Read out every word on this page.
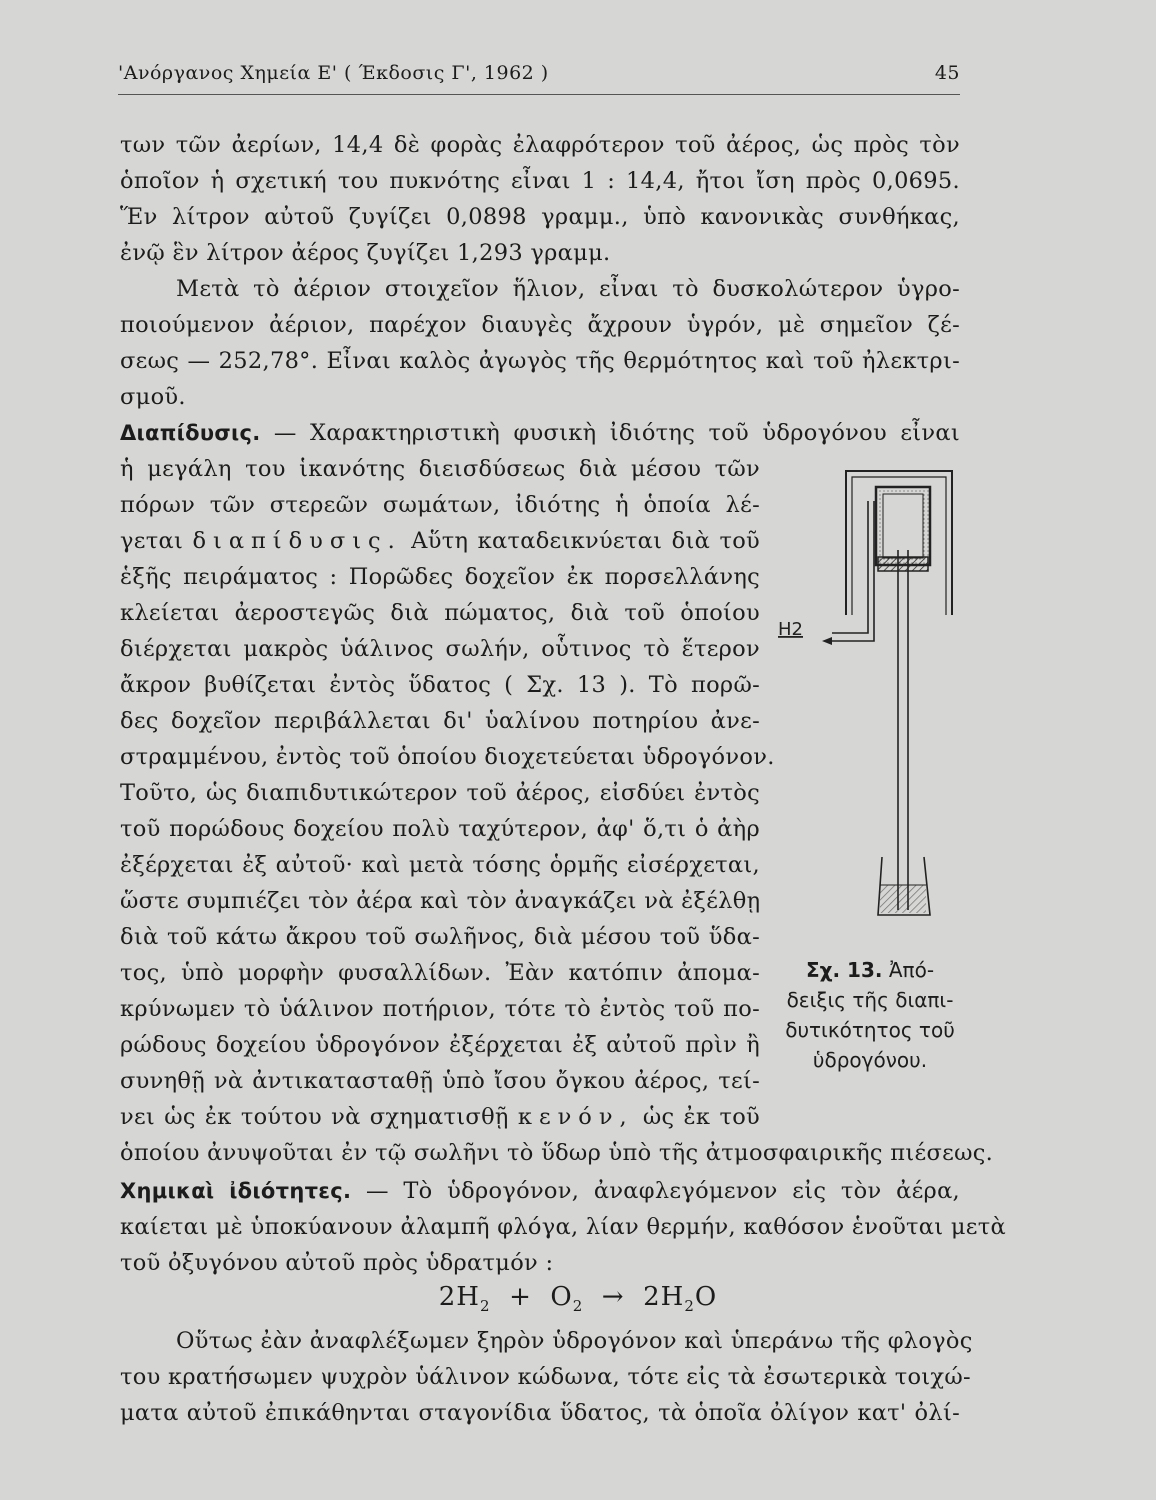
'Ανόργανος Χημεία Ε' ( Έκδοσις Γ', 1962 )	45
των τῶν ἀερίων, 14,4 δὲ φορὰς ἐλαφρότερον τοῦ ἀέρος, ὡς πρὸς τὸν
ὁποῖον ἡ σχετική του πυκνότης εἶναι 1 : 14,4, ἤτοι ἴση πρὸς 0,0695.
Ἕν λίτρον αὐτοῦ ζυγίζει 0,0898 γραμμ., ὑπὸ κανονικὰς συνθήκας,
ἐνῷ ἓν λίτρον ἀέρος ζυγίζει 1,293 γραμμ.
Μετὰ τὸ ἀέριον στοιχεῖον ἥλιον, εἶναι τὸ δυσκολώτερον ὑγρο-
ποιούμενον ἀέριον, παρέχον διαυγὲς ἄχρουν ὑγρόν, μὲ σημεῖον ζέ-
σεως — 252,78°. Εἶναι καλὸς ἀγωγὸς τῆς θερμότητος καὶ τοῦ ἠλεκτρι-
σμοῦ.
Διαπίδυσις. — Χαρακτηριστικὴ φυσικὴ ἰδιότης τοῦ ὑδρογόνου εἶναι
ἡ μεγάλη του ἱκανότης διεισδύσεως διὰ μέσου τῶν
πόρων τῶν στερεῶν σωμάτων, ἰδιότης ἡ ὁποία λέ-
γεται διαπίδυσις. Αὕτη καταδεικνύεται διὰ τοῦ
ἑξῆς πειράματος : Πορῶδες δοχεῖον ἐκ πορσελλάνης
κλείεται ἀεροστεγῶς διὰ πώματος, διὰ τοῦ ὁποίου
διέρχεται μακρὸς ὑάλινος σωλήν, οὗτινος τὸ ἕτερον
ἄκρον βυθίζεται ἐντὸς ὕδατος ( Σχ. 13 ). Τὸ πορῶ-
δες δοχεῖον περιβάλλεται δι' ὑαλίνου ποτηρίου ἀνε-
στραμμένου, ἐντὸς τοῦ ὁποίου διοχετεύεται ὑδρογόνον.
Τοῦτο, ὡς διαπιδυτικώτερον τοῦ ἀέρος, εἰσδύει ἐντὸς
τοῦ πορώδους δοχείου πολὺ ταχύτερον, ἀφ' ὅ,τι ὁ ἀὴρ
ἐξέρχεται ἐξ αὐτοῦ· καὶ μετὰ τόσης ὁρμῆς εἰσέρχεται,
ὥστε συμπιέζει τὸν ἀέρα καὶ τὸν ἀναγκάζει νὰ ἐξέλθῃ
διὰ τοῦ κάτω ἄκρου τοῦ σωλῆνος, διὰ μέσου τοῦ ὕδα-
τος, ὑπὸ μορφὴν φυσαλλίδων. Ἐὰν κατόπιν ἀπομα-
κρύνωμεν τὸ ὑάλινον ποτήριον, τότε τὸ ἐντὸς τοῦ πο-
ρώδους δοχείου ὑδρογόνον ἐξέρχεται ἐξ αὐτοῦ πρὶν ἢ
συνηθῇ νὰ ἀντικατασταθῇ ὑπὸ ἴσου ὄγκου ἀέρος, τεί-
νει ὡς ἐκ τούτου νὰ σχηματισθῇ κενόν, ὡς ἐκ τοῦ
ὁποίου ἀνυψοῦται ἐν τῷ σωλῆνι τὸ ὕδωρ ὑπὸ τῆς ἀτμοσφαιρικῆς πιέσεως.
H2
Σχ. 13. Ἀπό-
δειξις τῆς διαπι-
δυτικότητος τοῦ
ὑδρογόνου.
Χημικαὶ ἰδιότητες. — Τὸ ὑδρογόνον, ἀναφλεγόμενον εἰς τὸν ἀέρα,
καίεται μὲ ὑποκύανουν ἀλαμπῆ φλόγα, λίαν θερμήν, καθόσον ἑνοῦται μετὰ
τοῦ ὀξυγόνου αὐτοῦ πρὸς ὑδρατμόν :
$2H_2 + O_2 \to 2H_2O$
Οὕτως ἐὰν ἀναφλέξωμεν ξηρὸν ὑδρογόνον καὶ ὑπεράνω τῆς φλογὸς
του κρατήσωμεν ψυχρὸν ὑάλινον κώδωνα, τότε εἰς τὰ ἐσωτερικὰ τοιχώ-
ματα αὐτοῦ ἐπικάθηνται σταγονίδια ὕδατος, τὰ ὁποῖα ὀλίγον κατ' ὀλί-
